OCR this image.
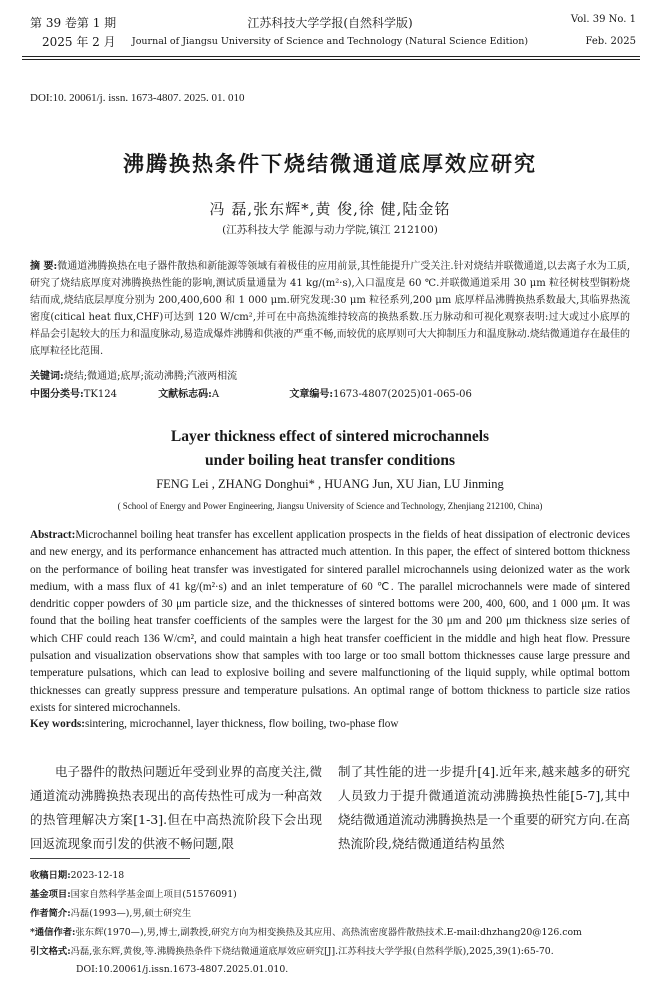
第 39 卷第 1 期
2025 年 2 月
江苏科技大学学报(自然科学版)
Journal of Jiangsu University of Science and Technology (Natural Science Edition)
Vol. 39 No. 1
Feb. 2025
DOI:10. 20061/j. issn. 1673-4807. 2025. 01. 010
沸腾换热条件下烧结微通道底厚效应研究
冯 磊,张东辉*,黄 俊,徐 健,陆金铭
(江苏科技大学 能源与动力学院,镇江 212100)
摘 要:微通道沸腾换热在电子器件散热和新能源等领域有着极佳的应用前景,其性能提升广受关注.针对烧结并联微通道,以去离子水为工质,研究了烧结底厚度对沸腾换热性能的影响,测试质量通量为 41 kg/(m²·s),入口温度是 60 ℃.并联微通道采用 30 μm 粒径树枝型铜粉烧结而成,烧结底层厚度分别为 200,400,600 和 1 000 μm.研究发现:30 μm 粒径系列,200 μm 底厚样品沸腾换热系数最大,其临界热流密度(citical heat flux,CHF)可达到 120 W/cm²,并可在中高热流维持较高的换热系数.压力脉动和可视化观察表明:过大或过小底厚的样品会引起较大的压力和温度脉动,易造成爆炸沸腾和供液的严重不畅,而较优的底厚则可大大抑制压力和温度脉动.烧结微通道存在最佳的底厚粒径比范围.
关键词:烧结;微通道;底厚;流动沸腾;汽液两相流
中图分类号:TK124	文献标志码:A	文章编号:1673-4807(2025)01-065-06
Layer thickness effect of sintered microchannels
under boiling heat transfer conditions
FENG Lei , ZHANG Donghui* , HUANG Jun, XU Jian, LU Jinming
( School of Energy and Power Engineering, Jiangsu University of Science and Technology, Zhenjiang 212100, China)
Abstract:Microchannel boiling heat transfer has excellent application prospects in the fields of heat dissipation of electronic devices and new energy, and its performance enhancement has attracted much attention. In this paper, the effect of sintered bottom thickness on the performance of boiling heat transfer was investigated for sintered parallel microchannels using deionized water as the work medium, with a mass flux of 41 kg/(m²·s) and an inlet temperature of 60 ℃. The parallel microchannels were made of sintered dendritic copper powders of 30 μm particle size, and the thicknesses of sintered bottoms were 200, 400, 600, and 1 000 μm. It was found that the boiling heat transfer coefficients of the samples were the largest for the 30 μm and 200 μm thickness size series of which CHF could reach 136 W/cm², and could maintain a high heat transfer coefficient in the middle and high heat flow. Pressure pulsation and visualization observations show that samples with too large or too small bottom thicknesses cause large pressure and temperature pulsations, which can lead to explosive boiling and severe malfunctioning of the liquid supply, while optimal bottom thicknesses can greatly suppress pressure and temperature pulsations. An optimal range of bottom thickness to particle size ratios exists for sintered microchannels.
Key words:sintering, microchannel, layer thickness, flow boiling, two-phase flow
电子器件的散热问题近年受到业界的高度关注,微通道流动沸腾换热表现出的高传热性可成为一种高效的热管理解决方案[1-3].但在中高热流阶段下会出现回返流现象而引发的供液不畅问题,限
制了其性能的进一步提升[4].近年来,越来越多的研究人员致力于提升微通道流动沸腾换热性能[5-7],其中烧结微通道流动沸腾换热是一个重要的研究方向.在高热流阶段,烧结微通道结构虽然
收稿日期:2023-12-18
基金项目:国家自然科学基金面上项目(51576091)
作者简介:冯磊(1993—),男,硕士研究生
*通信作者:张东辉(1970—),男,博士,副教授,研究方向为相变换热及其应用、高热流密度器件散热技术.E-mail:dhzhang20@126.com
引文格式:冯磊,张东辉,黄俊,等.沸腾换热条件下烧结微通道底厚效应研究[J].江苏科技大学学报(自然科学版),2025,39(1):65-70.
DOI:10.20061/j.issn.1673-4807.2025.01.010.
